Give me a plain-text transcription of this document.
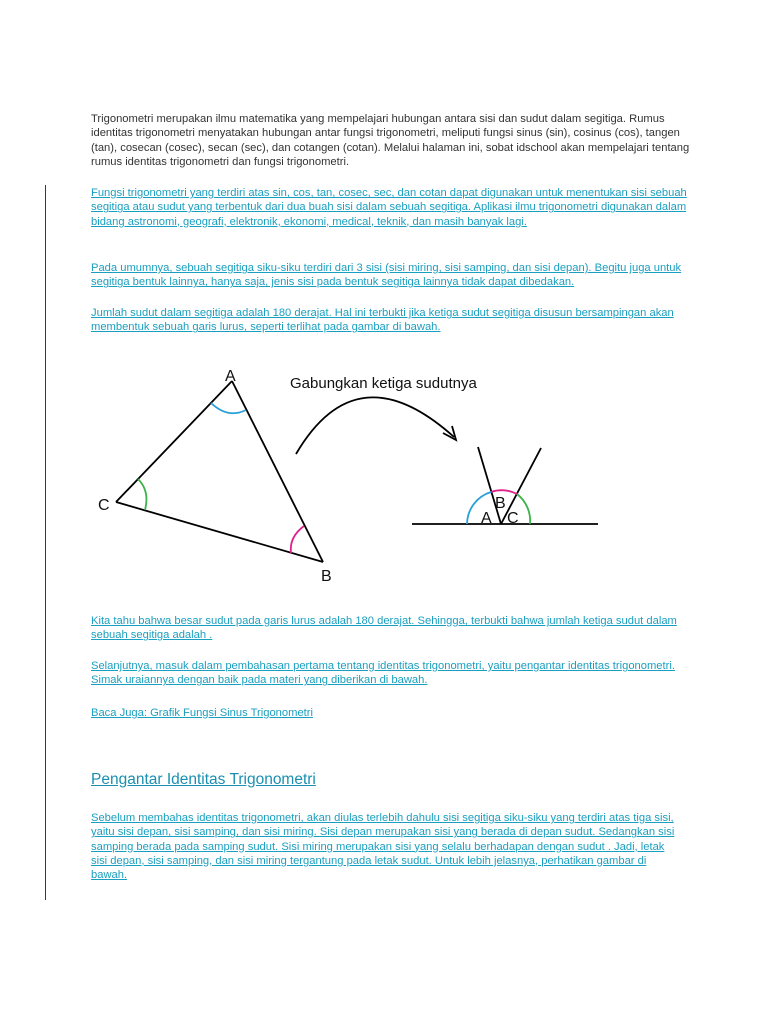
Trigonometri merupakan ilmu matematika yang mempelajari hubungan antara sisi dan sudut dalam segitiga. Rumus identitas trigonometri menyatakan hubungan antar fungsi trigonometri, meliputi fungsi sinus (sin), cosinus (cos), tangen (tan), cosecan (cosec), secan (sec), dan cotangen (cotan). Melalui halaman ini, sobat idschool akan mempelajari tentang rumus identitas trigonometri dan fungsi trigonometri.

Fungsi trigonometri yang terdiri atas sin, cos, tan, cosec, sec, dan cotan dapat digunakan untuk menentukan sisi sebuah segitiga atau sudut yang terbentuk dari dua buah sisi dalam sebuah segitiga. Aplikasi ilmu trigonometri digunakan dalam bidang astronomi, geografi, elektronik, ekonomi, medical, teknik, dan masih banyak lagi.

Pada umumnya, sebuah segitiga siku-siku terdiri dari 3 sisi (sisi miring, sisi samping, dan sisi depan). Begitu juga untuk segitiga bentuk lainnya, hanya saja, jenis sisi pada bentuk segitiga lainnya tidak dapat dibedakan.

Jumlah sudut dalam segitiga adalah 180 derajat. Hal ini terbukti jika ketiga sudut segitiga disusun bersampingan akan membentuk sebuah garis lurus, seperti terlihat pada gambar di bawah.

A
B
C
Gabungkan ketiga sudutnya
A
B
C

Kita tahu bahwa besar sudut pada garis lurus adalah 180 derajat. Sehingga, terbukti bahwa jumlah ketiga sudut dalam sebuah segitiga adalah .

Selanjutnya, masuk dalam pembahasan pertama tentang identitas trigonometri, yaitu pengantar identitas trigonometri. Simak uraiannya dengan baik pada materi yang diberikan di bawah.

Baca Juga: Grafik Fungsi Sinus Trigonometri

Pengantar Identitas Trigonometri

Sebelum membahas identitas trigonometri, akan diulas terlebih dahulu sisi segitiga siku-siku yang terdiri atas tiga sisi, yaitu sisi depan, sisi samping, dan sisi miring. Sisi depan merupakan sisi yang berada di depan sudut. Sedangkan sisi samping berada pada samping sudut. Sisi miring merupakan sisi yang selalu berhadapan dengan sudut . Jadi, letak sisi depan, sisi samping, dan sisi miring tergantung pada letak sudut. Untuk lebih jelasnya, perhatikan gambar di bawah.
